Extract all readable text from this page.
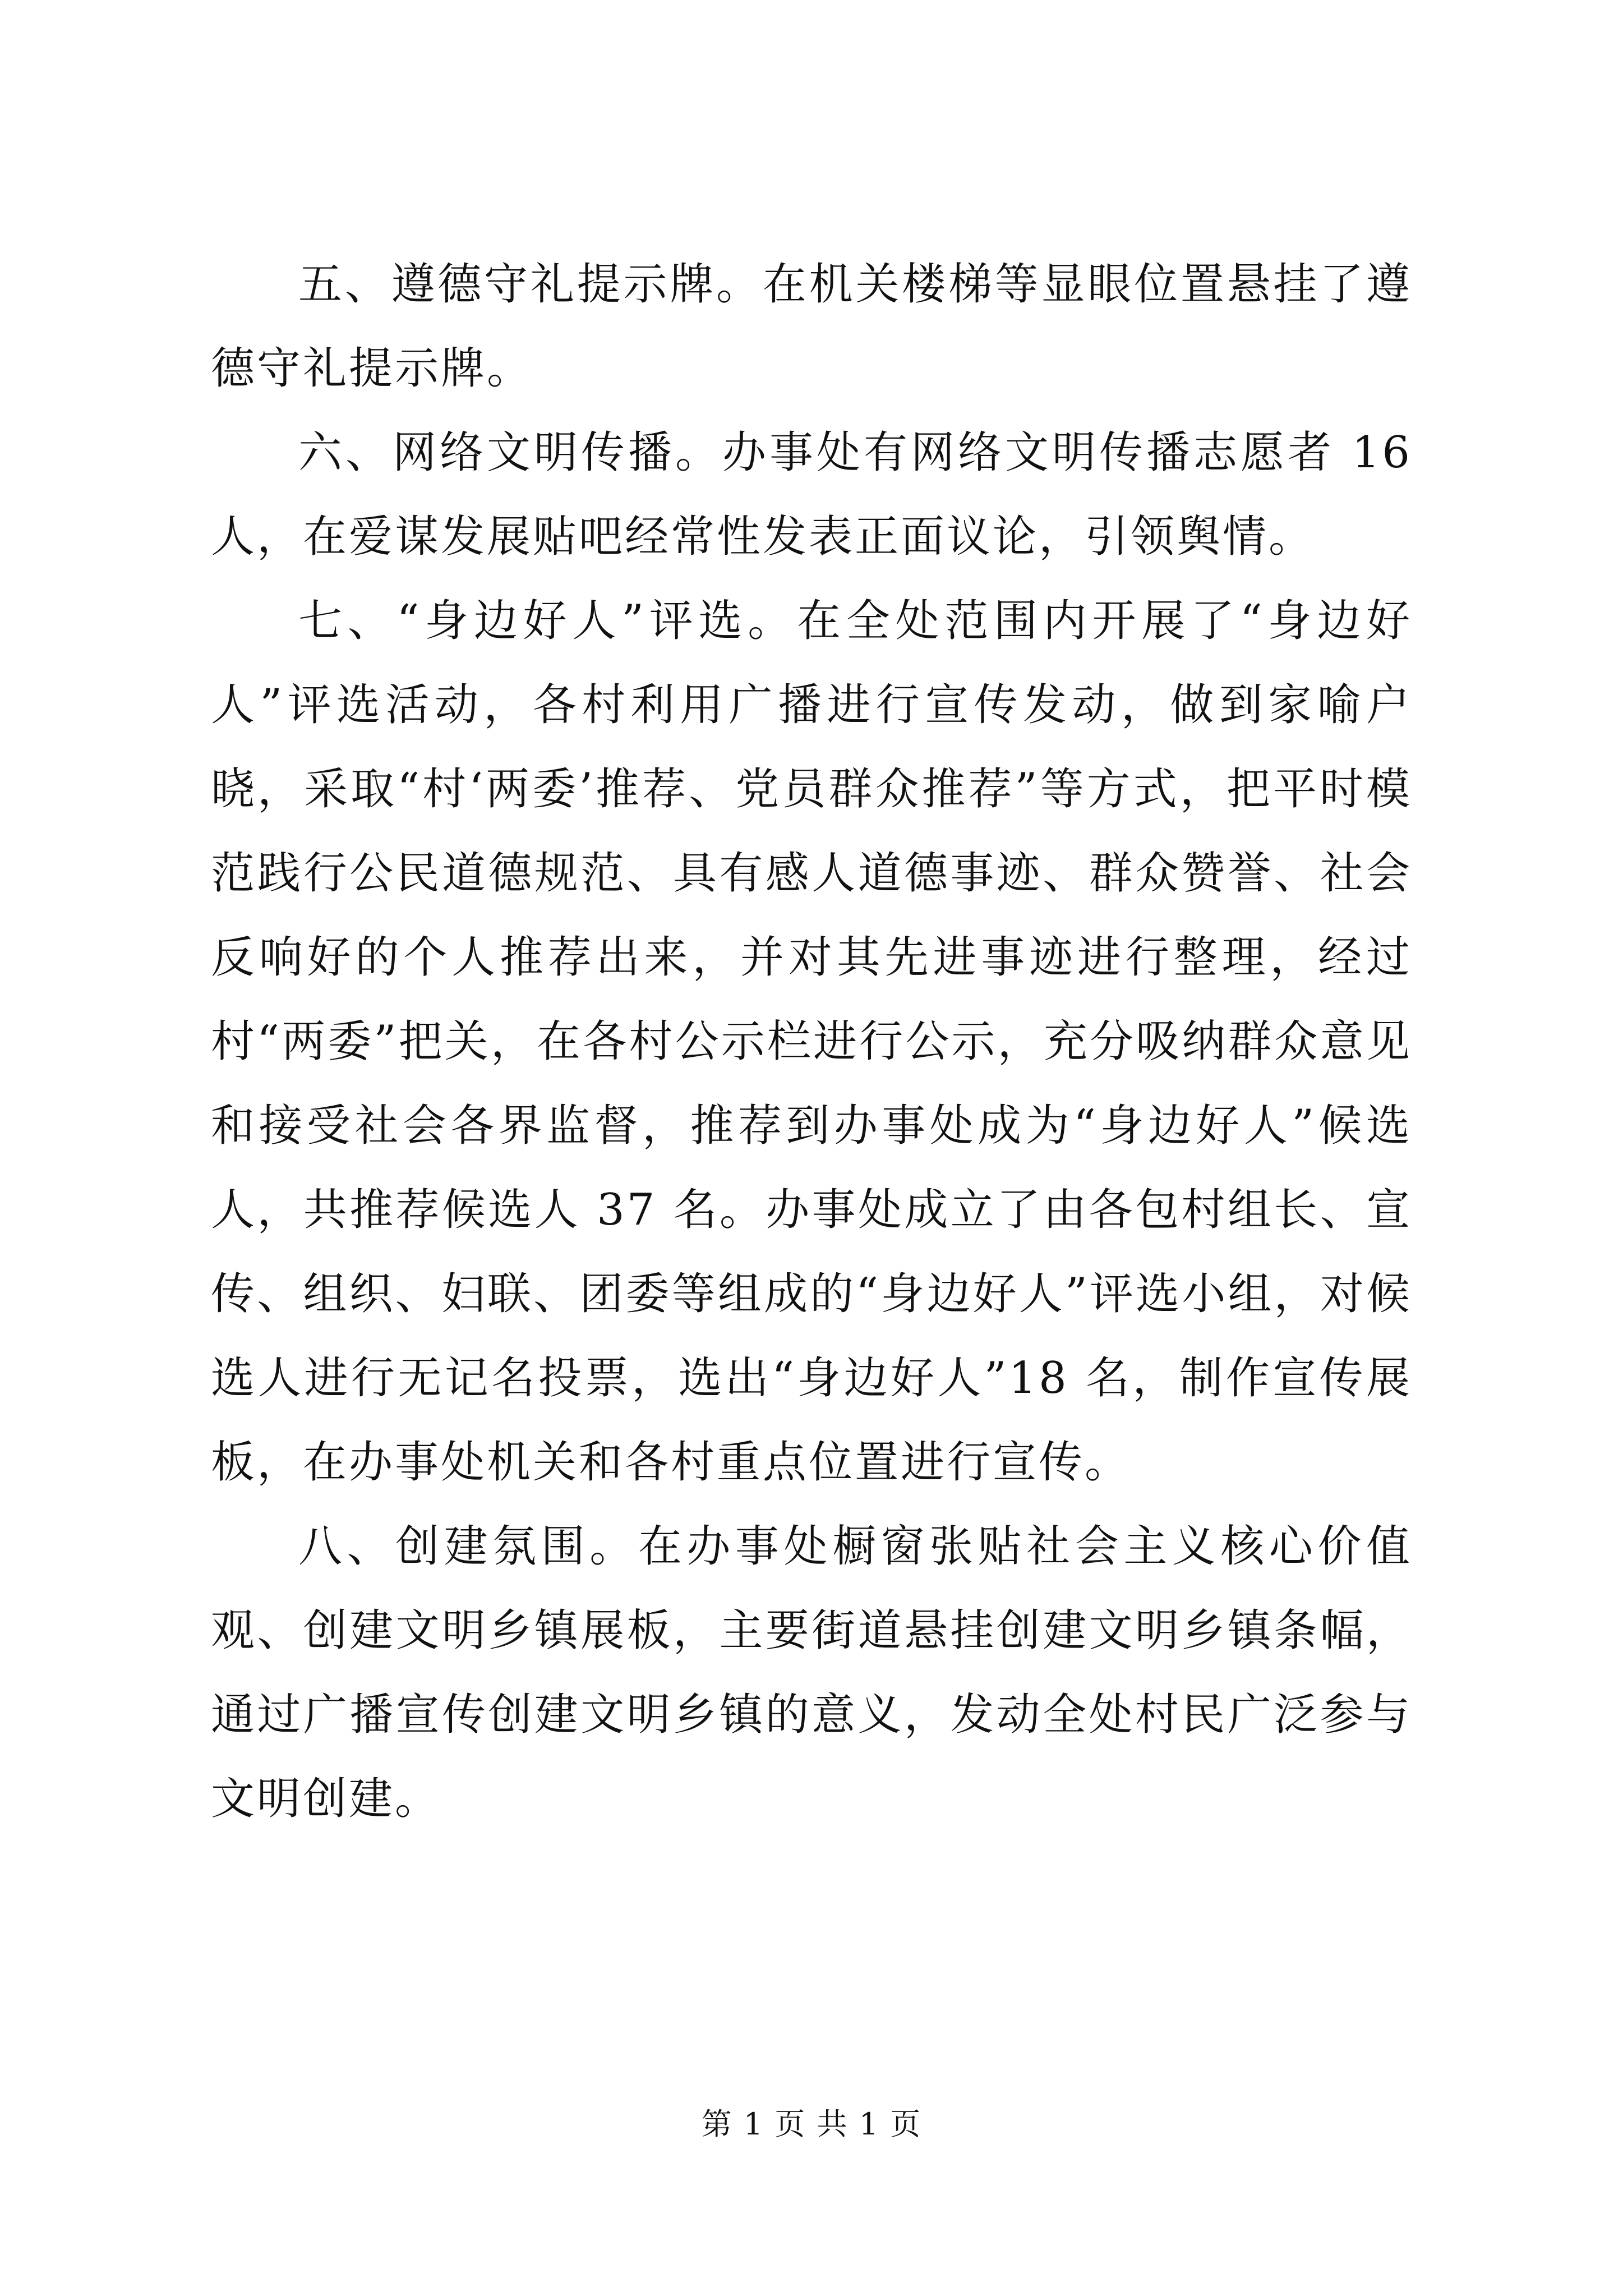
五、遵德守礼提示牌。在机关楼梯等显眼位置悬挂了遵德守礼提示牌。

六、网络文明传播。办事处有网络文明传播志愿者 16 人，在爱谋发展贴吧经常性发表正面议论，引领舆情。

七、“身边好人”评选。在全处范围内开展了“身边好人”评选活动，各村利用广播进行宣传发动，做到家喻户晓，采取“村‘两委’推荐、党员群众推荐”等方式，把平时模范践行公民道德规范、具有感人道德事迹、群众赞誉、社会反响好的个人推荐出来，并对其先进事迹进行整理，经过村“两委”把关，在各村公示栏进行公示，充分吸纳群众意见和接受社会各界监督，推荐到办事处成为“身边好人”候选人，共推荐候选人 37 名。办事处成立了由各包村组长、宣传、组织、妇联、团委等组成的“身边好人”评选小组，对候选人进行无记名投票，选出“身边好人”18 名，制作宣传展板，在办事处机关和各村重点位置进行宣传。

八、创建氛围。在办事处橱窗张贴社会主义核心价值观、创建文明乡镇展板，主要街道悬挂创建文明乡镇条幅，通过广播宣传创建文明乡镇的意义，发动全处村民广泛参与文明创建。

第 1 页 共 1 页
